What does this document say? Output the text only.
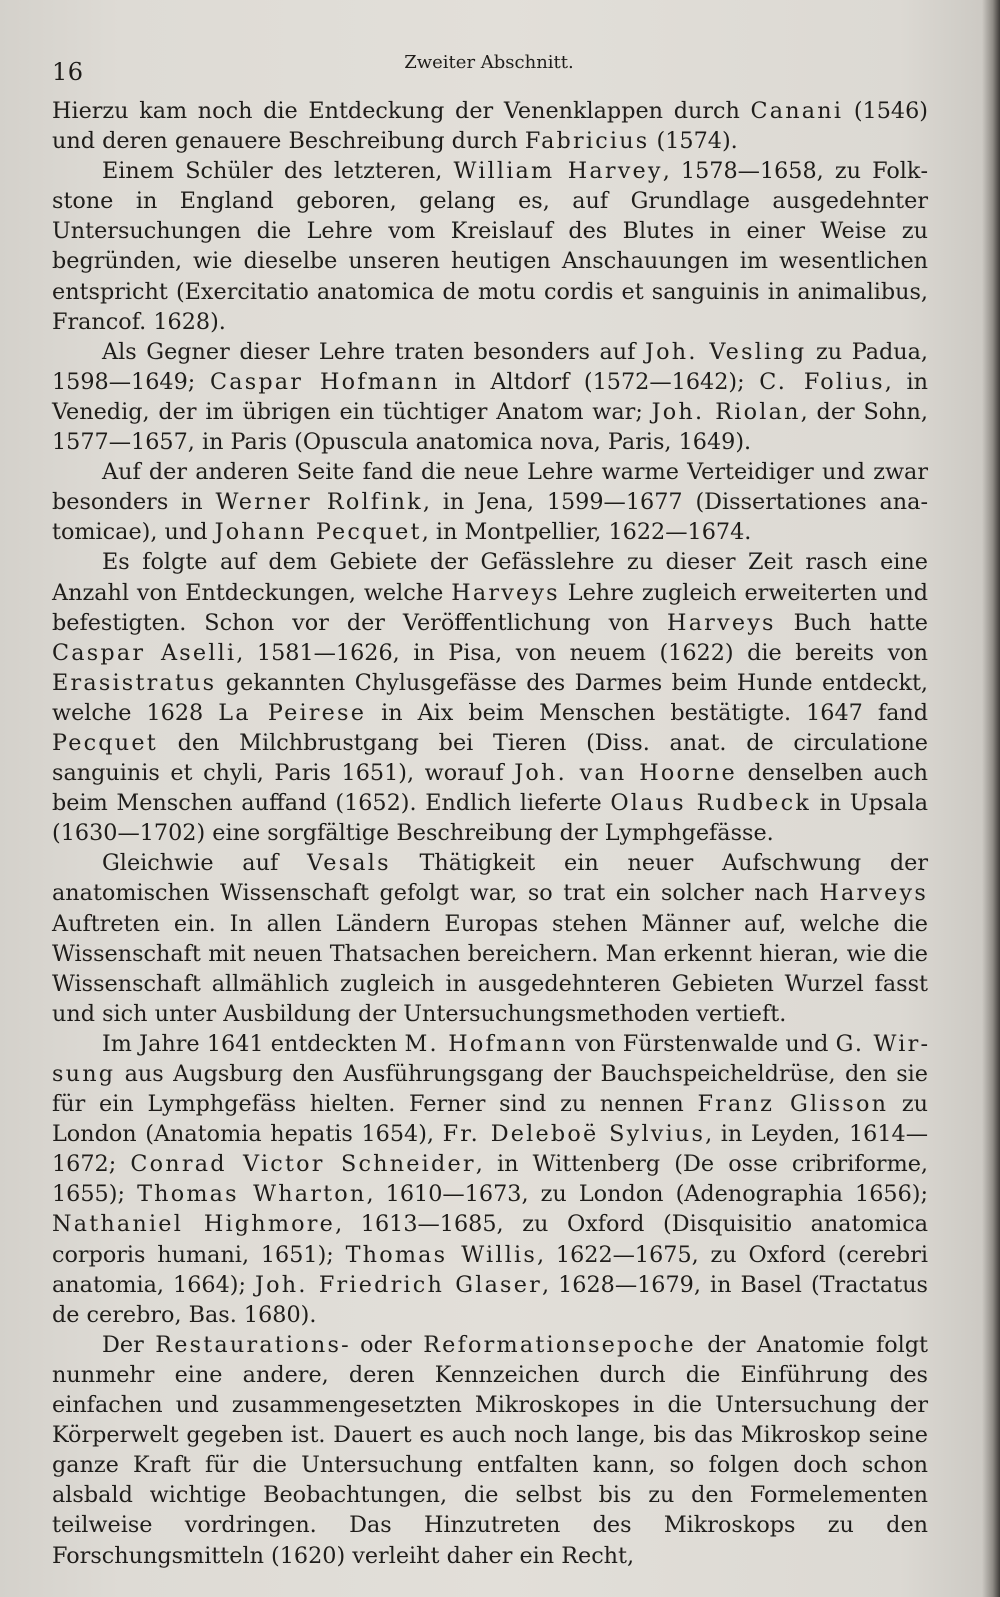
16	Zweiter Abschnitt.

Hierzu kam noch die Entdeckung der Venenklappen durch Canani (1546) und deren genauere Beschreibung durch Fabricius (1574).

Einem Schüler des letzteren, William Harvey, 1578—1658, zu Folkstone in England geboren, gelang es, auf Grundlage ausgedehnter Untersuchungen die Lehre vom Kreislauf des Blutes in einer Weise zu begründen, wie dieselbe unseren heutigen Anschauungen im wesentlichen entspricht (Exercitatio anatomica de motu cordis et sanguinis in animalibus, Francof. 1628).

Als Gegner dieser Lehre traten besonders auf Joh. Vesling zu Padua, 1598—1649; Caspar Hofmann in Altdorf (1572—1642); C. Folius, in Venedig, der im übrigen ein tüchtiger Anatom war; Joh. Riolan, der Sohn, 1577—1657, in Paris (Opuscula anatomica nova, Paris, 1649).

Auf der anderen Seite fand die neue Lehre warme Verteidiger und zwar besonders in Werner Rolfink, in Jena, 1599—1677 (Dissertationes anatomicae), und Johann Pecquet, in Montpellier, 1622—1674.

Es folgte auf dem Gebiete der Gefässlehre zu dieser Zeit rasch eine Anzahl von Entdeckungen, welche Harveys Lehre zugleich erweiterten und befestigten. Schon vor der Veröffentlichung von Harveys Buch hatte Caspar Aselli, 1581—1626, in Pisa, von neuem (1622) die bereits von Erasistratus gekannten Chylusgefässe des Darmes beim Hunde entdeckt, welche 1628 La Peirese in Aix beim Menschen bestätigte. 1647 fand Pecquet den Milchbrustgang bei Tieren (Diss. anat. de circulatione sanguinis et chyli, Paris 1651), worauf Joh. van Hoorne denselben auch beim Menschen auffand (1652). Endlich lieferte Olaus Rudbeck in Upsala (1630—1702) eine sorgfältige Beschreibung der Lymphgefässe.

Gleichwie auf Vesals Thätigkeit ein neuer Aufschwung der anatomischen Wissenschaft gefolgt war, so trat ein solcher nach Harveys Auftreten ein. In allen Ländern Europas stehen Männer auf, welche die Wissenschaft mit neuen Thatsachen bereichern. Man erkennt hieran, wie die Wissenschaft allmählich zugleich in ausgedehnteren Gebieten Wurzel fasst und sich unter Ausbildung der Untersuchungsmethoden vertieft.

Im Jahre 1641 entdeckten M. Hofmann von Fürstenwalde und G. Wirsung aus Augsburg den Ausführungsgang der Bauchspeicheldrüse, den sie für ein Lymphgefäss hielten. Ferner sind zu nennen Franz Glisson zu London (Anatomia hepatis 1654), Fr. Deleboë Sylvius, in Leyden, 1614—1672; Conrad Victor Schneider, in Wittenberg (De osse cribriforme, 1655); Thomas Wharton, 1610—1673, zu London (Adenographia 1656); Nathaniel Highmore, 1613—1685, zu Oxford (Disquisitio anatomica corporis humani, 1651); Thomas Willis, 1622—1675, zu Oxford (cerebri anatomia, 1664); Joh. Friedrich Glaser, 1628—1679, in Basel (Tractatus de cerebro, Bas. 1680).

Der Restaurations- oder Reformationsepoche der Anatomie folgt nunmehr eine andere, deren Kennzeichen durch die Einführung des einfachen und zusammengesetzten Mikroskopes in die Untersuchung der Körperwelt gegeben ist. Dauert es auch noch lange, bis das Mikroskop seine ganze Kraft für die Untersuchung entfalten kann, so folgen doch schon alsbald wichtige Beobachtungen, die selbst bis zu den Formelementen teilweise vordringen. Das Hinzutreten des Mikroskops zu den Forschungsmitteln (1620) verleiht daher ein Recht,
